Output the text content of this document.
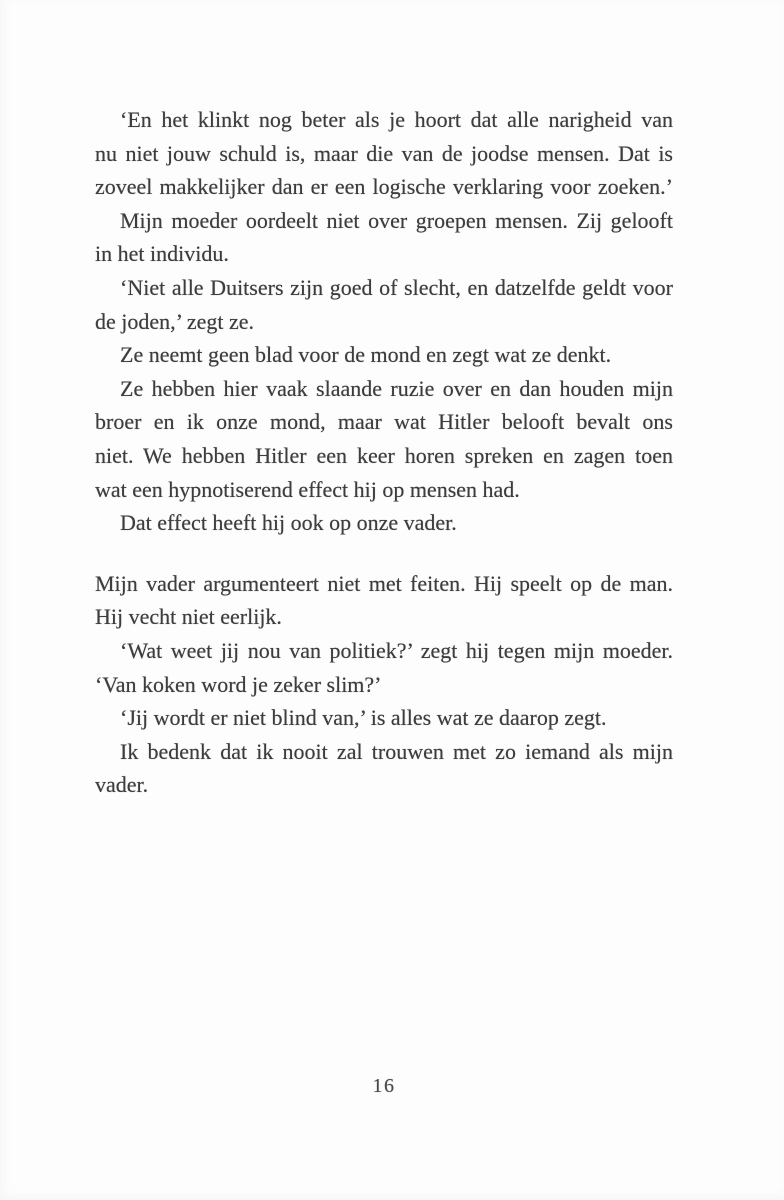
‘En het klinkt nog beter als je hoort dat alle narigheid van
nu niet jouw schuld is, maar die van de joodse mensen. Dat is
zoveel makkelijker dan er een logische verklaring voor zoeken.’
Mijn moeder oordeelt niet over groepen mensen. Zij gelooft
in het individu.
‘Niet alle Duitsers zijn goed of slecht, en datzelfde geldt voor
de joden,’ zegt ze.
Ze neemt geen blad voor de mond en zegt wat ze denkt.
Ze hebben hier vaak slaande ruzie over en dan houden mijn
broer en ik onze mond, maar wat Hitler belooft bevalt ons
niet. We hebben Hitler een keer horen spreken en zagen toen
wat een hypnotiserend effect hij op mensen had.
Dat effect heeft hij ook op onze vader.
Mijn vader argumenteert niet met feiten. Hij speelt op de man.
Hij vecht niet eerlijk.
‘Wat weet jij nou van politiek?’ zegt hij tegen mijn moeder.
‘Van koken word je zeker slim?’
‘Jij wordt er niet blind van,’ is alles wat ze daarop zegt.
Ik bedenk dat ik nooit zal trouwen met zo iemand als mijn
vader.
16
